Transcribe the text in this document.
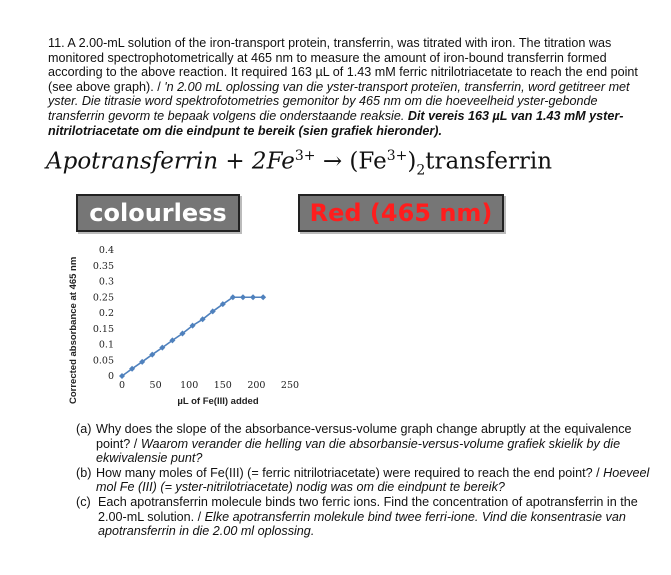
11. A 2.00-mL solution of the iron-transport protein, transferrin, was titrated with iron. The titration was monitored spectrophotometrically at 465 nm to measure the amount of iron-bound transferrin formed according to the above reaction. It required 163 µL of 1.43 mM ferric nitrilotriacetate to reach the end point (see above graph). / 'n 2.00 mL oplossing van die yster-transport proteïen, transferrin, word getitreer met yster. Die titrasie word spektrofotometries gemonitor by 465 nm om die hoeveelheid yster-gebonde transferrin gevorm te bepaak volgens die onderstaande reaksie. Dit vereis 163 µL van 1.43 mM yster-nitrilotriacetate om die eindpunt te bereik (sien grafiek hieronder).
Apotransferrin + $2Fe^{3+}$ → $(Fe^{3+})_2transferrin$
colourless	Red (465 nm)
0
0.05
0.1
0.15
0.2
0.25
0.3
0.35
0.4
0	50 100 150 200 250
Corrected absorbance at 465 nm	µL of Fe(III) added

(a) Why does the slope of the absorbance-versus-volume graph change abruptly at the equivalence point? / Waarom verander die helling van die absorbansie-versus-volume grafiek skielik by die ekwivalensie punt?

(b) How many moles of Fe(III) (= ferric nitrilotriacetate) were required to reach the end point? / Hoeveel mol Fe (III) (= yster-nitrilotriacetate) nodig was om die eindpunt te bereik?

(c) Each apotransferrin molecule binds two ferric ions. Find the concentration of apotransferrin in the 2.00-mL solution. / Elke apotransferrin molekule bind twee ferri-ione. Vind die konsentrasie van apotransferrin in die 2.00 ml oplossing.
